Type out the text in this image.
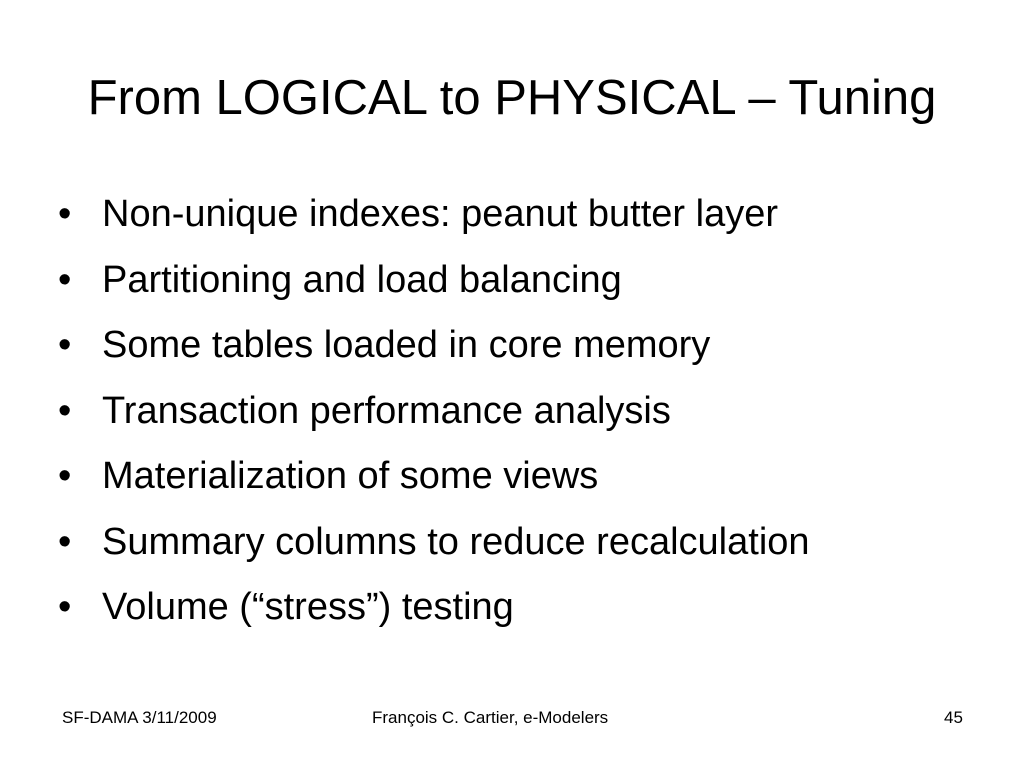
From LOGICAL to PHYSICAL – Tuning
• Non-unique indexes: peanut butter layer
• Partitioning and load balancing
• Some tables loaded in core memory
• Transaction performance analysis
• Materialization of some views
• Summary columns to reduce recalculation
• Volume (“stress”) testing
SF-DAMA 3/11/2009	François C. Cartier, e-Modelers	45
